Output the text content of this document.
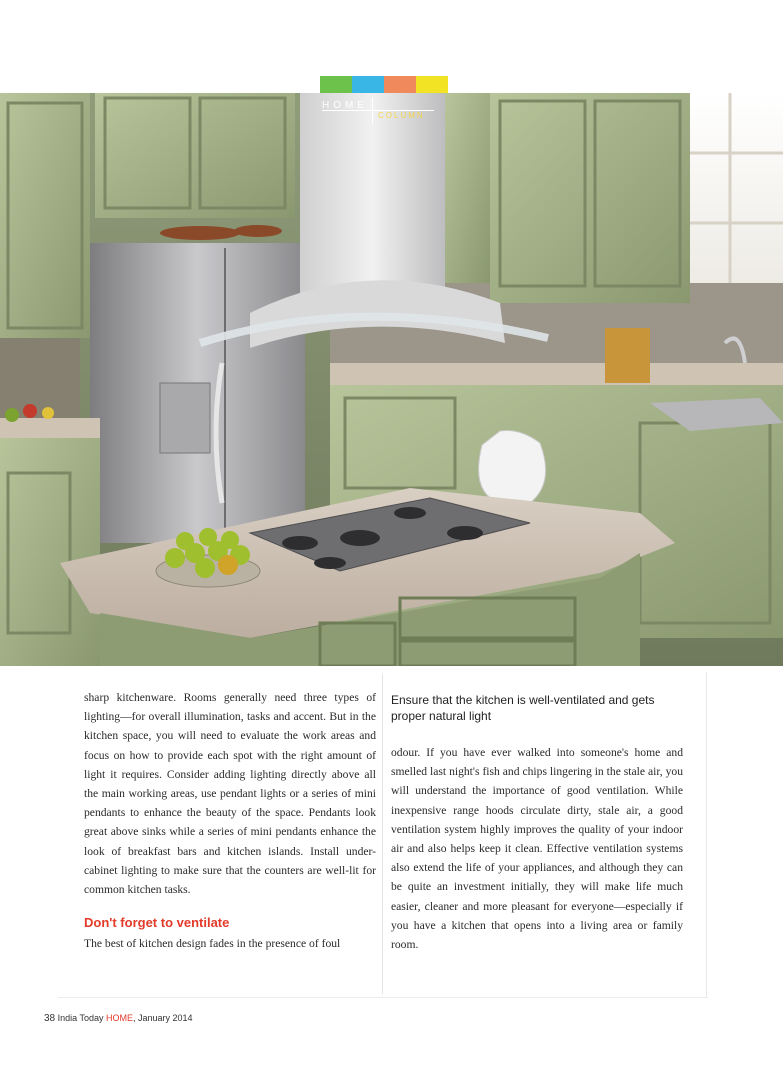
HOME
COLUMN

sharp kitchenware. Rooms generally need three types of lighting—for overall illumination, tasks and accent. But in the kitchen space, you will need to evaluate the work areas and focus on how to provide each spot with the right amount of light it requires. Consider adding lighting directly above all the main working areas, use pendant lights or a series of mini pendants to enhance the beauty of the space. Pendants look great above sinks while a series of mini pendants enhance the look of breakfast bars and kitchen islands. Install under-cabinet lighting to make sure that the counters are well-lit for common kitchen tasks.

Don't forget to ventilate

The best of kitchen design fades in the presence of foul

Ensure that the kitchen is well-ventilated and gets proper natural light

odour. If you have ever walked into someone's home and smelled last night's fish and chips lingering in the stale air, you will understand the importance of good ventilation. While inexpensive range hoods circulate dirty, stale air, a good ventilation system highly improves the quality of your indoor air and also helps keep it clean. Effective ventilation systems also extend the life of your appliances, and although they can be quite an investment initially, they will make life much easier, cleaner and more pleasant for everyone—especially if you have a kitchen that opens into a living area or family room.

38 India Today HOME, January 2014
